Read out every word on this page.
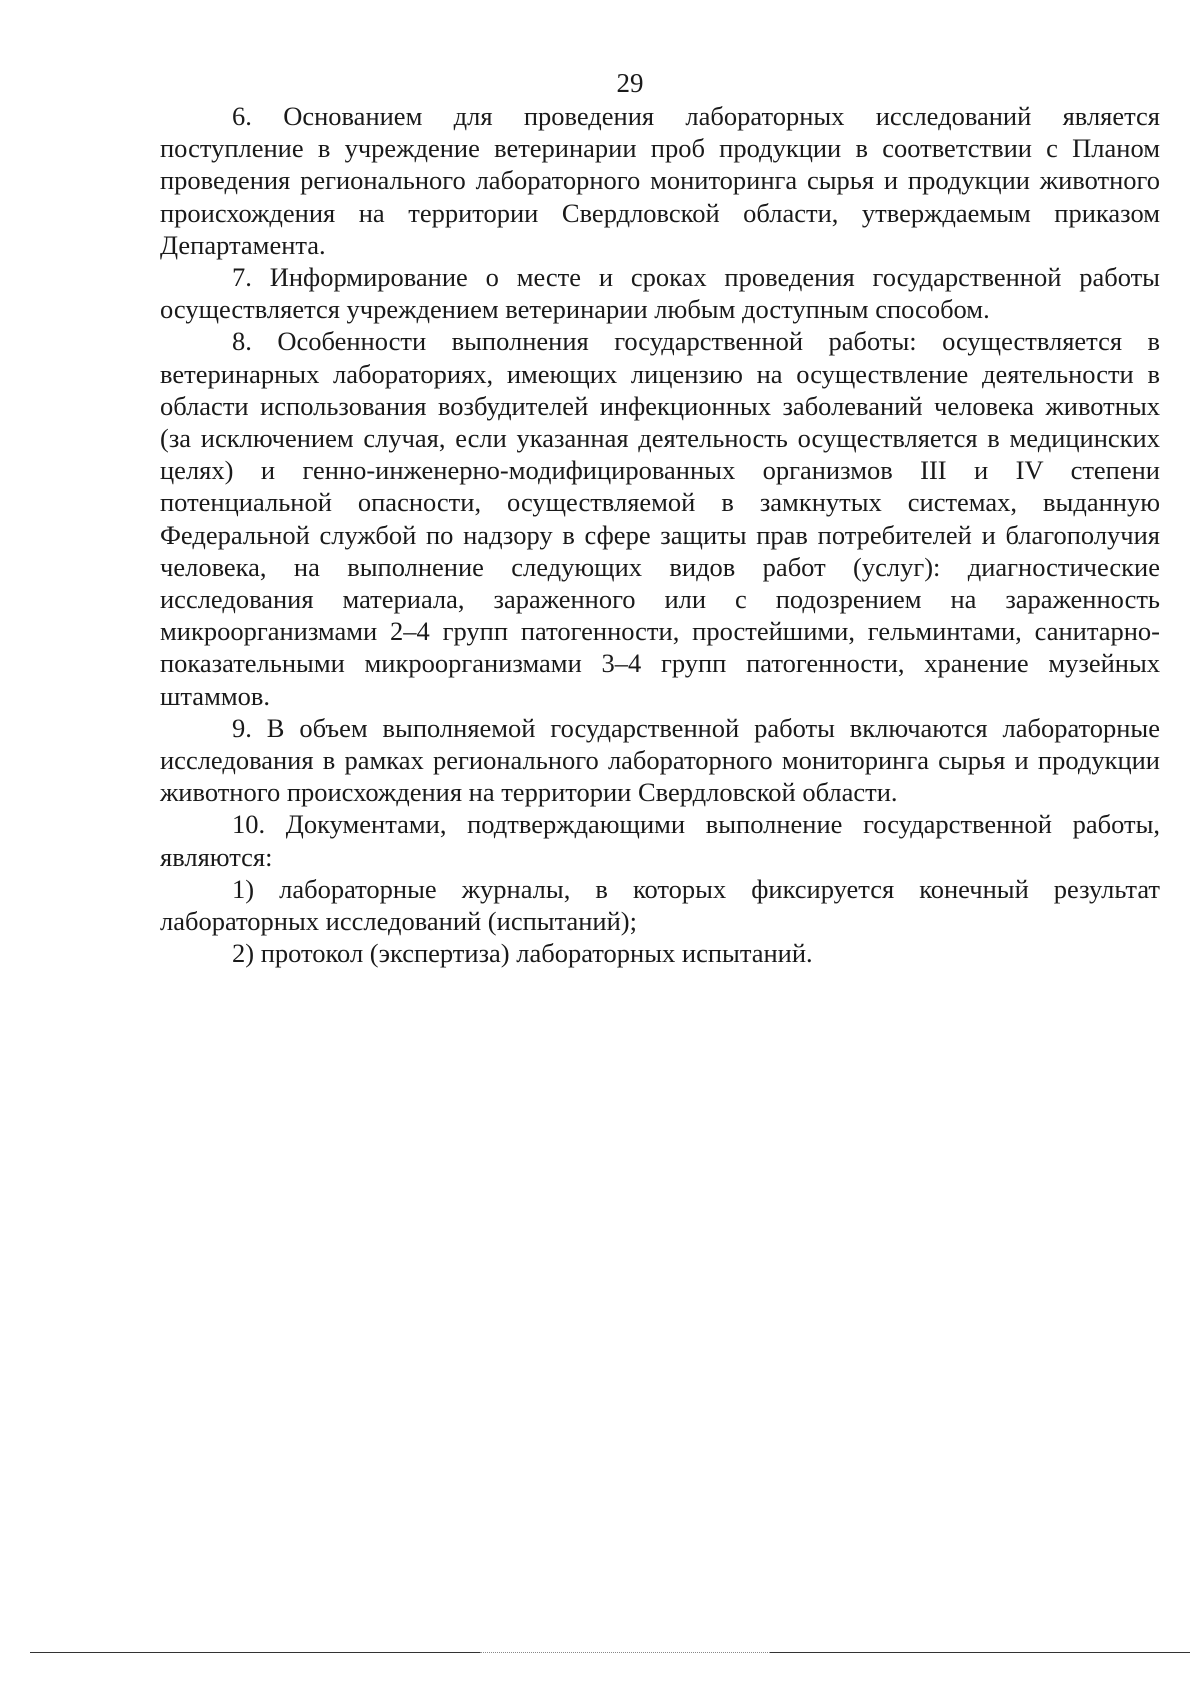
29

6. Основанием для проведения лабораторных исследований является поступление в учреждение ветеринарии проб продукции в соответствии с Планом проведения регионального лабораторного мониторинга сырья и продукции животного происхождения на территории Свердловской области, утверждаемым приказом Департамента.

7. Информирование о месте и сроках проведения государственной работы осуществляется учреждением ветеринарии любым доступным способом.

8. Особенности выполнения государственной работы: осуществляется в ветеринарных лабораториях, имеющих лицензию на осуществление деятельности в области использования возбудителей инфекционных заболеваний человека животных (за исключением случая, если указанная деятельность осуществляется в медицинских целях) и генно-инженерно-модифицированных организмов III и IV степени потенциальной опасности, осуществляемой в замкнутых системах, выданную Федеральной службой по надзору в сфере защиты прав потребителей и благополучия человека, на выполнение следующих видов работ (услуг): диагностические исследования материала, зараженного или с подозрением на зараженность микроорганизмами 2–4 групп патогенности, простейшими, гельминтами, санитарно-показательными микроорганизмами 3–4 групп патогенности, хранение музейных штаммов.

9. В объем выполняемой государственной работы включаются лабораторные исследования в рамках регионального лабораторного мониторинга сырья и продукции животного происхождения на территории Свердловской области.

10. Документами, подтверждающими выполнение государственной работы, являются:

1) лабораторные журналы, в которых фиксируется конечный результат лабораторных исследований (испытаний);

2) протокол (экспертиза) лабораторных испытаний.
